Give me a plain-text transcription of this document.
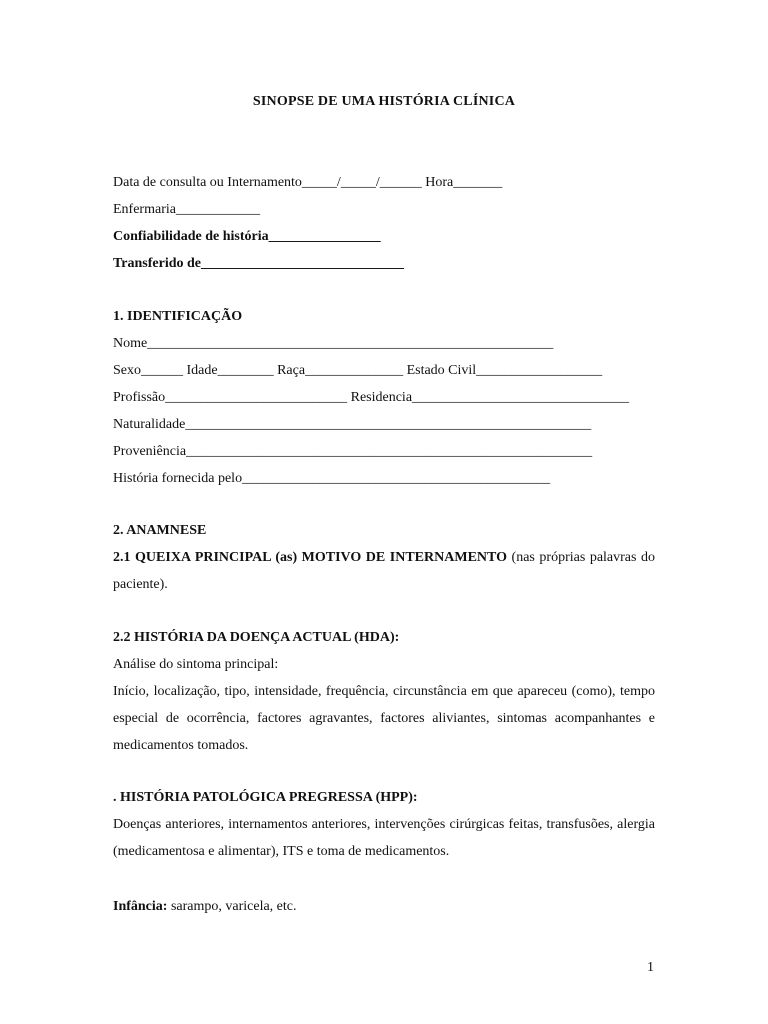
SINOPSE DE UMA HISTÓRIA CLÍNICA
Data de consulta ou Internamento_____/_____/______ Hora_______
Enfermaria____________
Confiabilidade de história________________
Transferido de_____________________________
1. IDENTIFICAÇÃO
Nome__________________________________________________________
Sexo______ Idade________ Raça______________ Estado Civil__________________
Profissão__________________________ Residencia_______________________________
Naturalidade__________________________________________________________
Proveniência__________________________________________________________
História fornecida pelo____________________________________________
2. ANAMNESE
2.1 QUEIXA PRINCIPAL (as) MOTIVO DE INTERNAMENTO (nas próprias palavras do paciente).
2.2 HISTÓRIA DA DOENÇA ACTUAL (HDA):
Análise do sintoma principal:
Início, localização, tipo, intensidade, frequência, circunstância em que apareceu (como), tempo especial de ocorrência, factores agravantes, factores aliviantes, sintomas acompanhantes e medicamentos tomados.
. HISTÓRIA PATOLÓGICA PREGRESSA (HPP):
Doenças anteriores, internamentos anteriores, intervenções cirúrgicas feitas, transfusões, alergia (medicamentosa e alimentar), ITS e toma de medicamentos.
Infância: sarampo, varicela, etc.
1
